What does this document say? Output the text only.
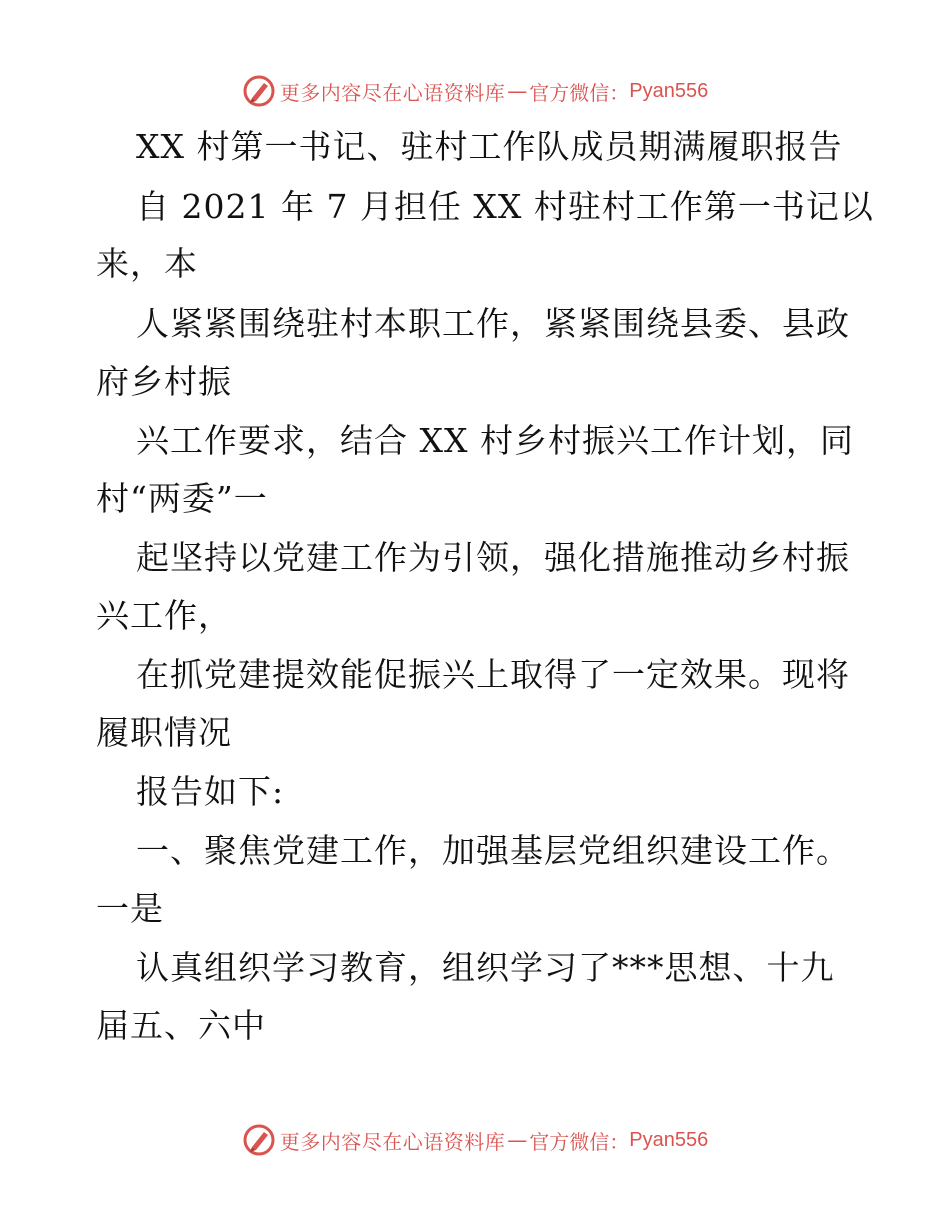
更多内容尽在心语资料库 — 官方微信： Pyan556
XX 村第一书记、驻村工作队成员期满履职报告
自 2021 年 7 月担任 XX 村驻村工作第一书记以
来，本
人紧紧围绕驻村本职工作，紧紧围绕县委、县政
府乡村振
兴工作要求，结合 XX 村乡村振兴工作计划，同
村“两委”一
起坚持以党建工作为引领，强化措施推动乡村振
兴工作，
在抓党建提效能促振兴上取得了一定效果。现将
履职情况
报告如下:
一、聚焦党建工作，加强基层党组织建设工作。
一是
认真组织学习教育，组织学习了***思想、十九
届五、六中
更多内容尽在心语资料库 — 官方微信： Pyan556
